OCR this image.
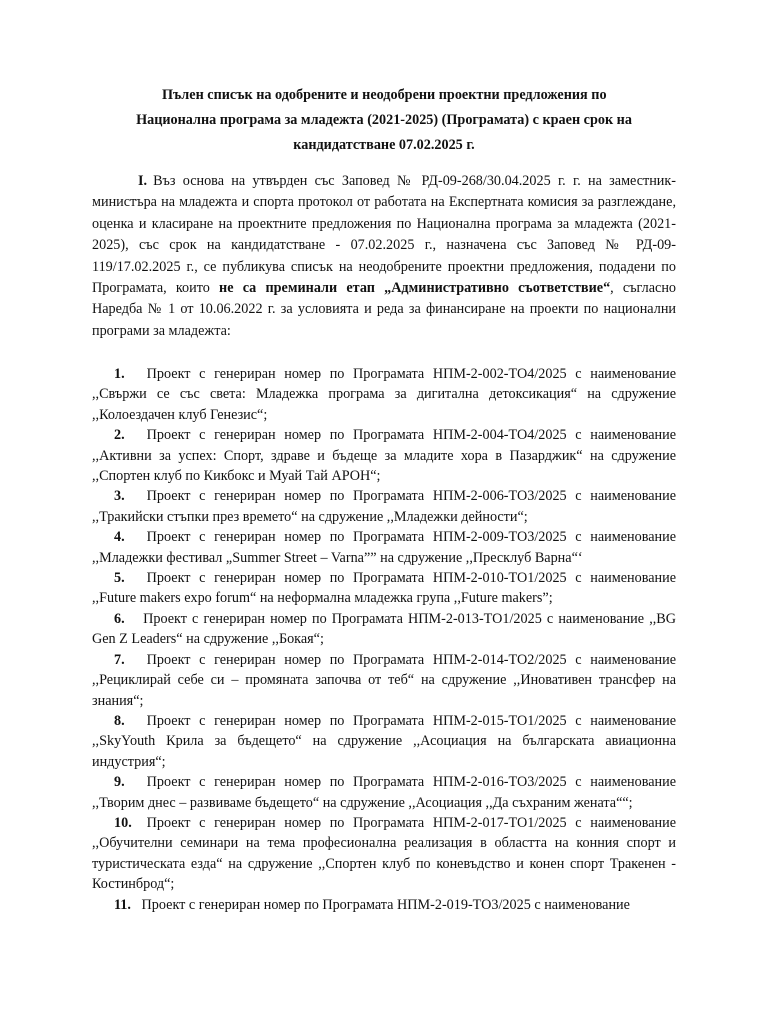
Пълен списък на одобрените и неодобрени проектни предложения по
Национална програма за младежта (2021-2025) (Програмата) с краен срок на
кандидатстване 07.02.2025 г.
I. Въз основа на утвърден със Заповед № РД-09-268/30.04.2025 г. г. на заместник-министъра на младежта и спорта протокол от работата на Експертната комисия за разглеждане, оценка и класиране на проектните предложения по Национална програма за младежта (2021-2025), със срок на кандидатстване - 07.02.2025 г., назначена със Заповед № РД-09-119/17.02.2025 г., се публикува списък на неодобрените проектни предложения, подадени по Програмата, които не са преминали етап „Административно съответствие“, съгласно Наредба № 1 от 10.06.2022 г. за условията и реда за финансиране на проекти по национални програми за младежта:
1. Проект с генериран номер по Програмата НПМ-2-002-ТО4/2025 с наименование ,,Свържи се със света: Младежка програма за дигитална детоксикация“ на сдружение ,,Колоездачен клуб Генезис“;
2. Проект с генериран номер по Програмата НПМ-2-004-ТО4/2025 с наименование ,,Активни за успех: Спорт, здраве и бъдеще за младите хора в Пазарджик“ на сдружение ,,Спортен клуб по Кикбокс и Муай Тай АРОН“;
3. Проект с генериран номер по Програмата НПМ-2-006-ТО3/2025 с наименование ,,Тракийски стъпки през времето“ на сдружение ,,Младежки дейности“;
4. Проект с генериран номер по Програмата НПМ-2-009-ТО3/2025 с наименование ,,Младежки фестивал „Summer Street – Varna”” на сдружение ,,Пресклуб Варна“‘
5. Проект с генериран номер по Програмата НПМ-2-010-ТО1/2025 с наименование ,,Future makers expo forum“ на неформална младежка група ,,Future makers”;
6. Проект с генериран номер по Програмата НПМ-2-013-ТО1/2025 с наименование ,,BG Gen Z Leaders“ на сдружение ,,Бокая“;
7. Проект с генериран номер по Програмата НПМ-2-014-ТО2/2025 с наименование ,,Рециклирай себе си – промяната започва от теб“ на сдружение ,,Иновативен трансфер на знания“;
8. Проект с генериран номер по Програмата НПМ-2-015-ТО1/2025 с наименование ,,SkyYouth Крила за бъдещето“ на сдружение ,,Асоциация на българската авиационна индустрия“;
9. Проект с генериран номер по Програмата НПМ-2-016-ТО3/2025 с наименование ,,Творим днес – развиваме бъдещето“ на сдружение ,,Асоциация ,,Да съхраним жената““;
10. Проект с генериран номер по Програмата НПМ-2-017-ТО1/2025 с наименование ,,Обучителни семинари на тема професионална реализация в областта на конния спорт и туристическата езда“ на сдружение ,,Спортен клуб по коневъдство и конен спорт Тракенен - Костинброд“;
11. Проект с генериран номер по Програмата НПМ-2-019-ТО3/2025 с наименование
